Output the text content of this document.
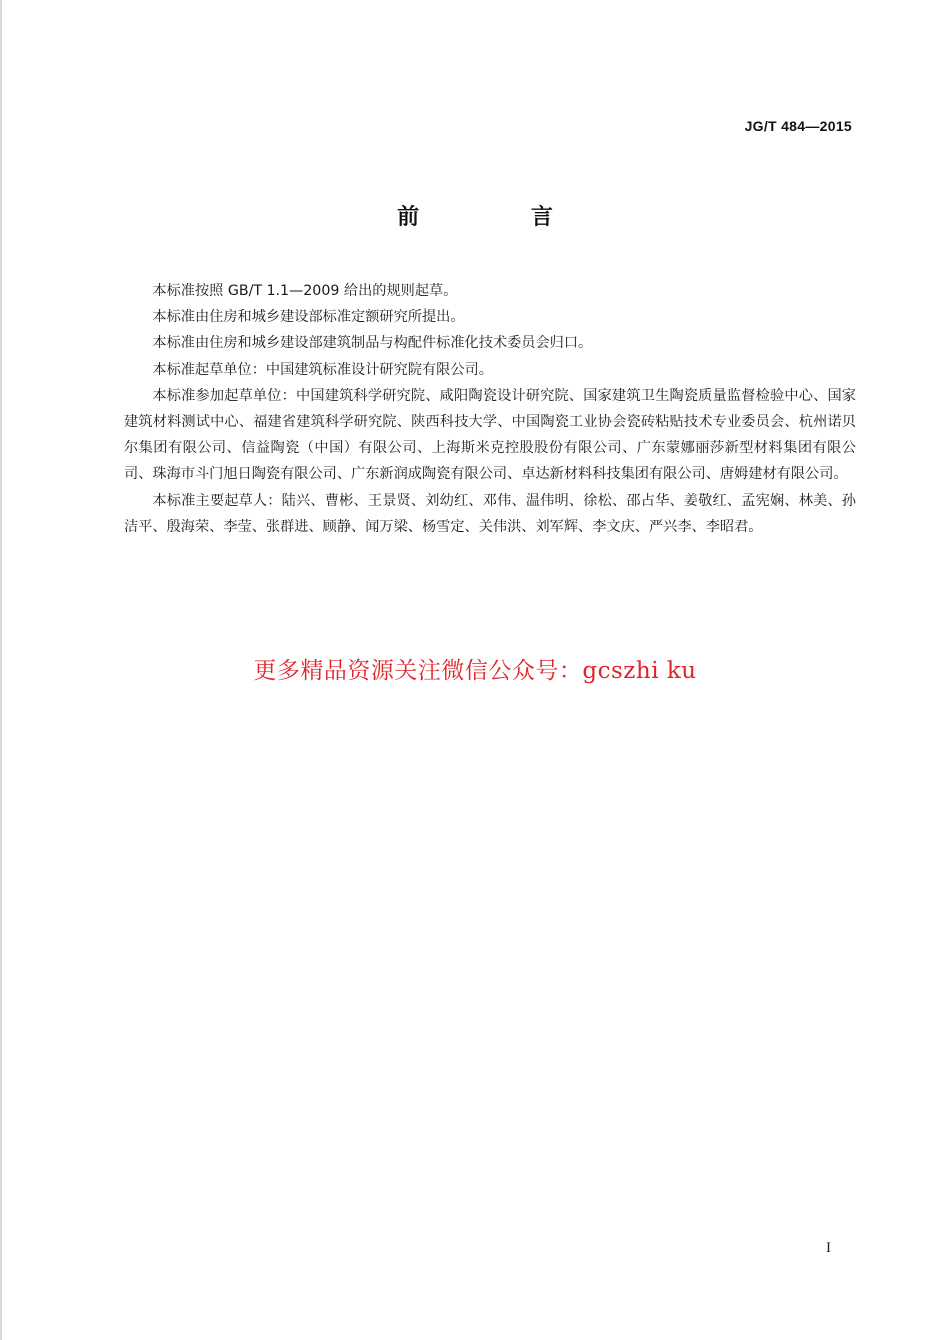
JG/T 484—2015
前 言

本标准按照 GB/T 1.1—2009 给出的规则起草。

本标准由住房和城乡建设部标准定额研究所提出。

本标准由住房和城乡建设部建筑制品与构配件标准化技术委员会归口。

本标准起草单位：中国建筑标准设计研究院有限公司。

本标准参加起草单位：中国建筑科学研究院、咸阳陶瓷设计研究院、国家建筑卫生陶瓷质量监督检验中心、国家建筑材料测试中心、福建省建筑科学研究院、陕西科技大学、中国陶瓷工业协会瓷砖粘贴技术专业委员会、杭州诺贝尔集团有限公司、信益陶瓷（中国）有限公司、上海斯米克控股股份有限公司、广东蒙娜丽莎新型材料集团有限公司、珠海市斗门旭日陶瓷有限公司、广东新润成陶瓷有限公司、卓达新材料科技集团有限公司、唐姆建材有限公司。

本标准主要起草人：陆兴、曹彬、王景贤、刘幼红、邓伟、温伟明、徐松、邵占华、姜敬红、孟宪娴、林美、孙洁平、殷海荣、李莹、张群进、顾静、闻万梁、杨雪定、关伟洪、刘军辉、李文庆、严兴李、李昭君。

更多精品资源关注微信公众号：gcszhi ku
I
